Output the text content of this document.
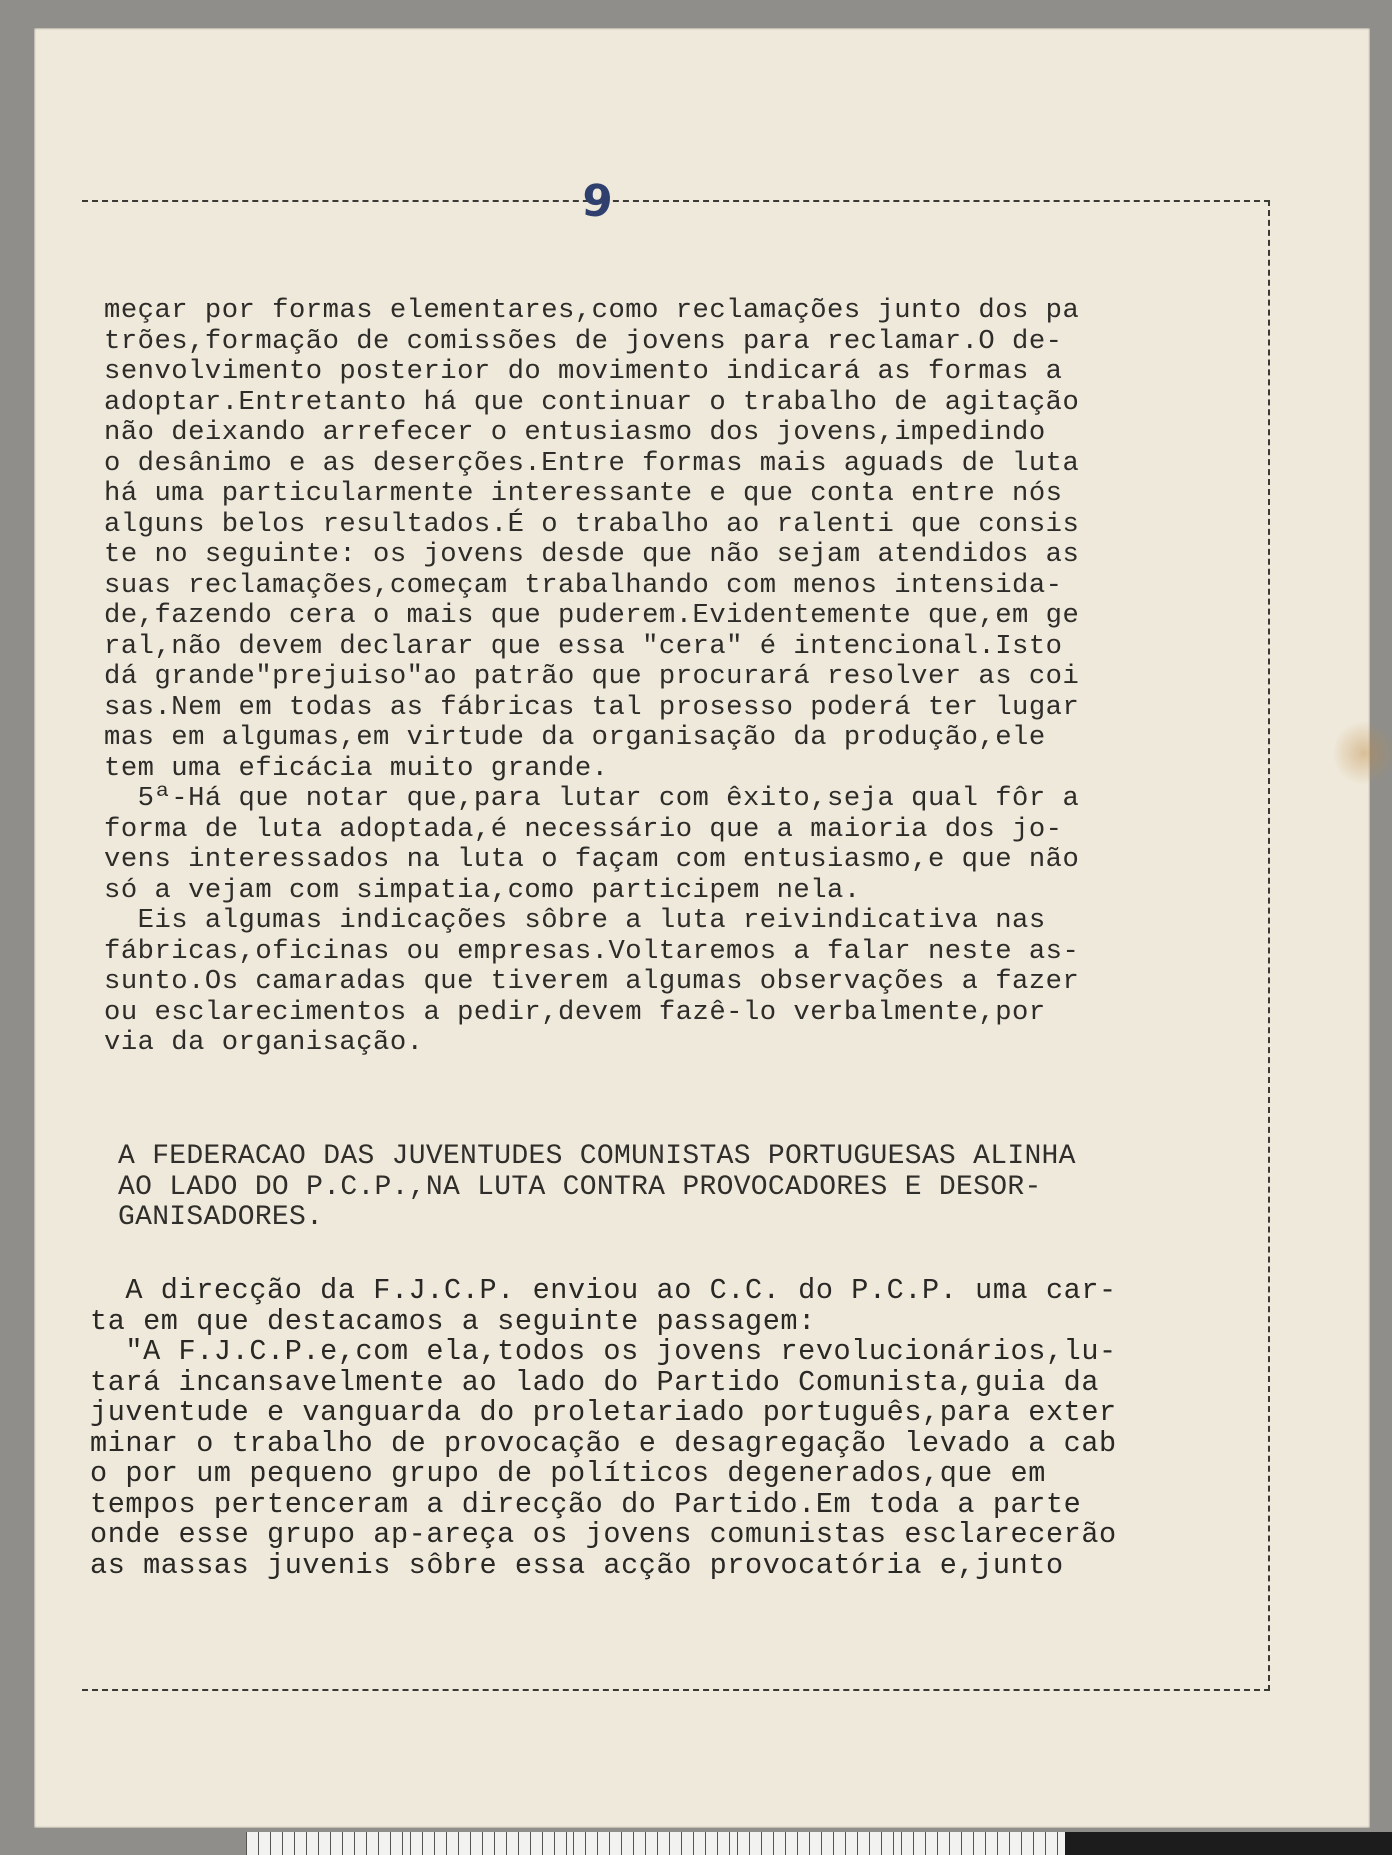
9
meçar por formas elementares,como reclamações junto dos pa
trões,formação de comissões de jovens para reclamar.O de-
senvolvimento posterior do movimento indicará as formas a
adoptar.Entretanto há que continuar o trabalho de agitação
não deixando arrefecer o entusiasmo dos jovens,impedindo
o desânimo e as deserções.Entre formas mais aguads de luta
há uma particularmente interessante e que conta entre nós
alguns belos resultados.É o trabalho ao ralenti que consis
te no seguinte: os jovens desde que não sejam atendidos as
suas reclamações,começam trabalhando com menos intensida-
de,fazendo cera o mais que puderem.Evidentemente que,em ge
ral,não devem declarar que essa "cera" é intencional.Isto
dá grande"prejuiso"ao patrão que procurará resolver as coi
sas.Nem em todas as fábricas tal prosesso poderá ter lugar
mas em algumas,em virtude da organisação da produção,ele
tem uma eficácia muito grande.
5ª-Há que notar que,para lutar com êxito,seja qual fôr a
forma de luta adoptada,é necessário que a maioria dos jo-
vens interessados na luta o façam com entusiasmo,e que não
só a vejam com simpatia,como participem nela.
Eis algumas indicações sôbre a luta reivindicativa nas
fábricas,oficinas ou empresas.Voltaremos a falar neste as-
sunto.Os camaradas que tiverem algumas observações a fazer
ou esclarecimentos a pedir,devem fazê-lo verbalmente,por
via da organisação.
A FEDERACAO DAS JUVENTUDES COMUNISTAS PORTUGUESAS ALINHA
AO LADO DO P.C.P.,NA LUTA CONTRA PROVOCADORES E DESOR-
GANISADORES.
A direcção da F.J.C.P. enviou ao C.C. do P.C.P. uma car-
ta em que destacamos a seguinte passagem:
"A F.J.C.P.e,com ela,todos os jovens revolucionários,lu-
tará incansavelmente ao lado do Partido Comunista,guia da
juventude e vanguarda do proletariado português,para exter
minar o trabalho de provocação e desagregação levado a cab
o por um pequeno grupo de políticos degenerados,que em
tempos pertenceram a direcção do Partido.Em toda a parte
onde esse grupo ap-areça os jovens comunistas esclarecerão
as massas juvenis sôbre essa acção provocatória e,junto
